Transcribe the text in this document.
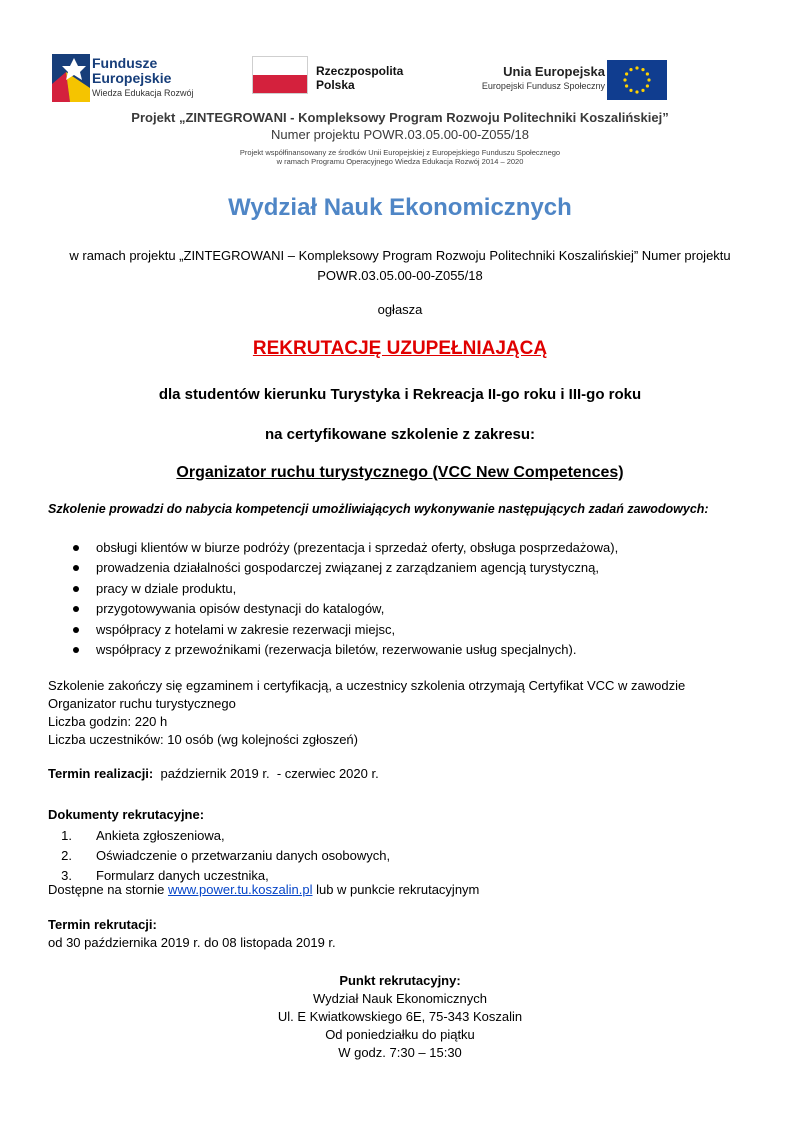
Fundusze
Europejskie
Wiedza Edukacja Rozwój
Rzeczpospolita
Polska
Unia Europejska
Europejski Fundusz Społeczny
Projekt „ZINTEGROWANI - Kompleksowy Program Rozwoju Politechniki Koszalińskiej”
Numer projektu POWR.03.05.00-00-Z055/18
Projekt współfinansowany ze środków Unii Europejskiej z Europejskiego Funduszu Społecznego
w ramach Programu Operacyjnego Wiedza Edukacja Rozwój 2014 – 2020
Wydział Nauk Ekonomicznych
w ramach projektu „ZINTEGROWANI – Kompleksowy Program Rozwoju Politechniki Koszalińskiej” Numer projektu POWR.03.05.00-00-Z055/18
ogłasza
REKRUTACJĘ UZUPEŁNIAJĄCĄ
dla studentów kierunku Turystyka i Rekreacja II-go roku i III-go roku
na certyfikowane szkolenie z zakresu:
Organizator ruchu turystycznego (VCC New Competences)
Szkolenie prowadzi do nabycia kompetencji umożliwiających wykonywanie następujących zadań zawodowych:
obsługi klientów w biurze podróży (prezentacja i sprzedaż oferty, obsługa posprzedażowa),
prowadzenia działalności gospodarczej związanej z zarządzaniem agencją turystyczną,
pracy w dziale produktu,
przygotowywania opisów destynacji do katalogów,
współpracy z hotelami w zakresie rezerwacji miejsc,
współpracy z przewoźnikami (rezerwacja biletów, rezerwowanie usług specjalnych).
Szkolenie zakończy się egzaminem i certyfikacją, a uczestnicy szkolenia otrzymają Certyfikat VCC w zawodzie Organizator ruchu turystycznego
Liczba godzin: 220 h
Liczba uczestników: 10 osób (wg kolejności zgłoszeń)
Termin realizacji:  październik 2019 r.  - czerwiec 2020 r.
Dokumenty rekrutacyjne:
1. Ankieta zgłoszeniowa,
2. Oświadczenie o przetwarzaniu danych osobowych,
3. Formularz danych uczestnika,
Dostępne na stornie www.power.tu.koszalin.pl lub w punkcie rekrutacyjnym
Termin rekrutacji:
od 30 października 2019 r. do 08 listopada 2019 r.
Punkt rekrutacyjny:
Wydział Nauk Ekonomicznych
Ul. E Kwiatkowskiego 6E, 75-343 Koszalin
Od poniedziałku do piątku
W godz. 7:30 – 15:30
